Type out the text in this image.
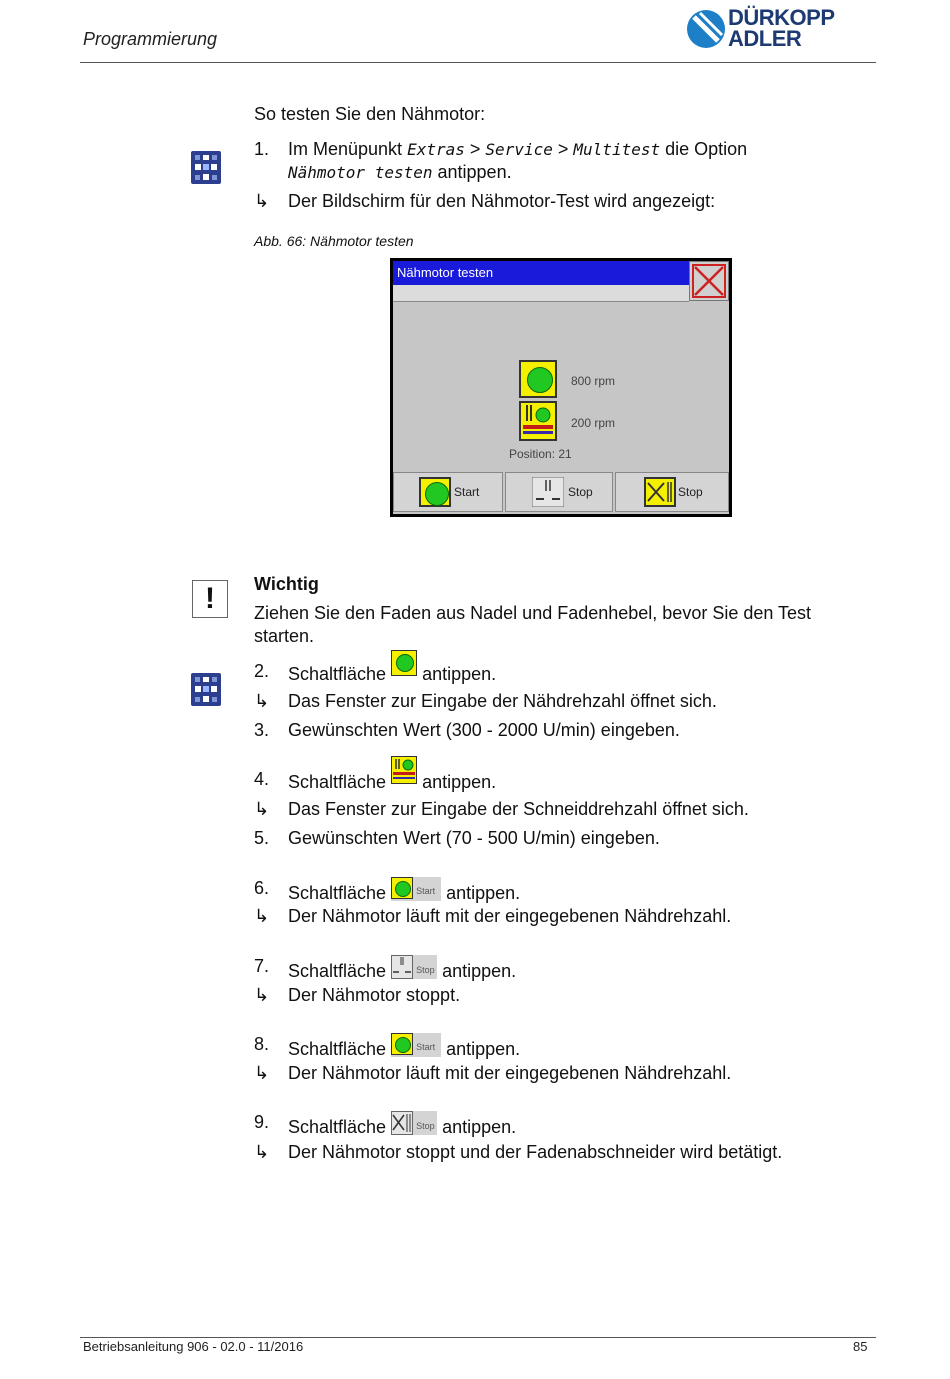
Programmierung
DÜRKOPP
ADLER
So testen Sie den Nähmotor:
1. Im Menüpunkt Extras > Service > Multitest die Option
Nähmotor testen antippen.
↳ Der Bildschirm für den Nähmotor-Test wird angezeigt:
Abb. 66: Nähmotor testen
Nähmotor testen
800 rpm
200 rpm
Position: 21
Start	Stop	Stop
!	Wichtig
Ziehen Sie den Faden aus Nadel und Fadenhebel, bevor Sie den Test starten.
2. Schaltfläche antippen.
↳ Das Fenster zur Eingabe der Nähdrehzahl öffnet sich.
3. Gewünschten Wert (300 - 2000 U/min) eingeben.
4. Schaltfläche antippen.
↳ Das Fenster zur Eingabe der Schneiddrehzahl öffnet sich.
5. Gewünschten Wert (70 - 500 U/min) eingeben.
6. Schaltfläche	Start antippen.
↳ Der Nähmotor läuft mit der eingegebenen Nähdrehzahl.
7. Schaltfläche	Stop antippen.
↳ Der Nähmotor stoppt.
8. Schaltfläche	Start antippen.
↳ Der Nähmotor läuft mit der eingegebenen Nähdrehzahl.
9. Schaltfläche	Stop antippen.
↳ Der Nähmotor stoppt und der Fadenabschneider wird betätigt.
Betriebsanleitung 906 - 02.0 - 11/2016	85
